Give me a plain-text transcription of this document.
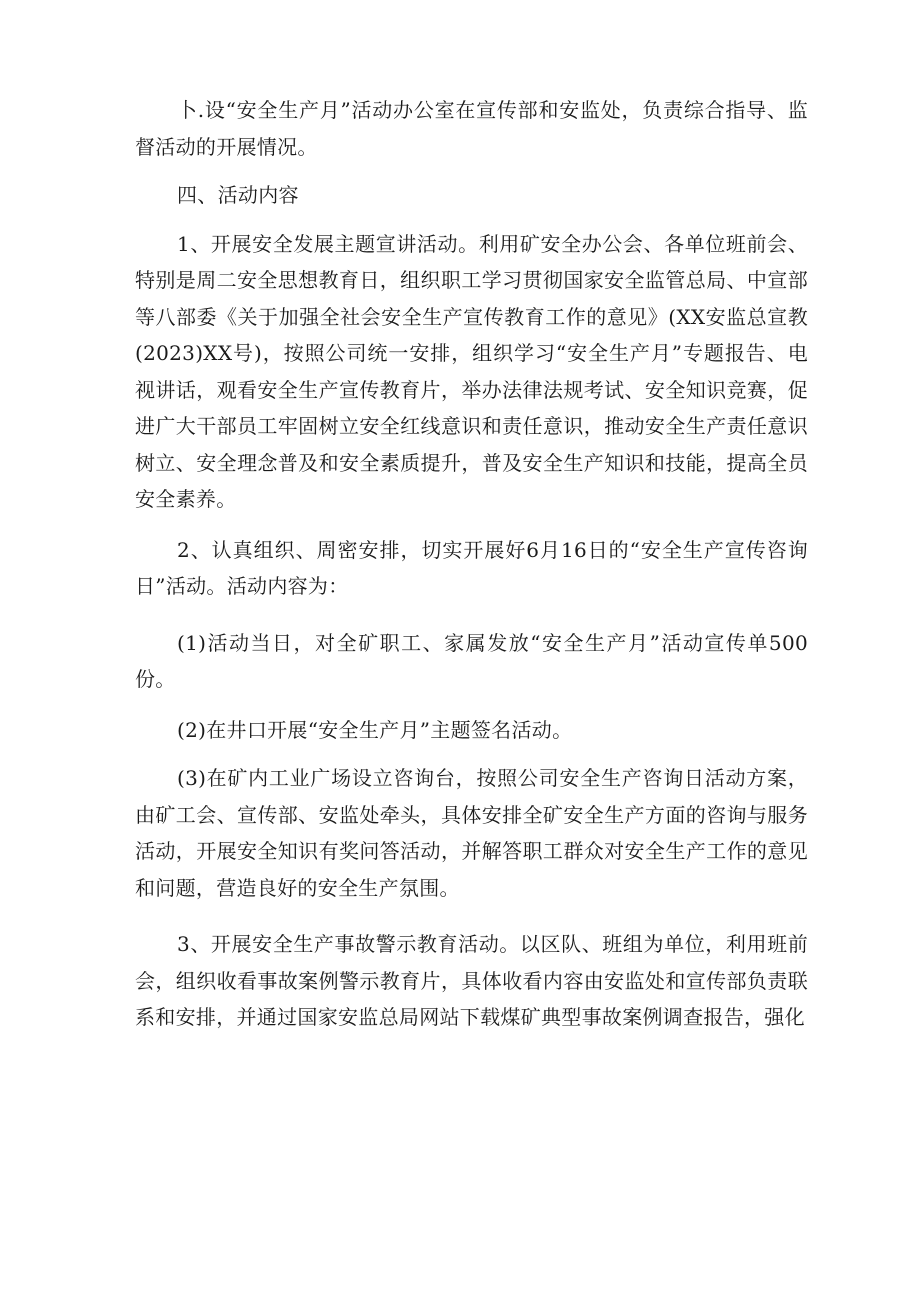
卜.设“安全生产月”活动办公室在宣传部和安监处，负责综合指导、监督活动的开展情况。

四、活动内容

1、开展安全发展主题宣讲活动。利用矿安全办公会、各单位班前会、特别是周二安全思想教育日，组织职工学习贯彻国家安全监管总局、中宣部等八部委《关于加强全社会安全生产宣传教育工作的意见》(XX安监总宣教(2023)XX号)，按照公司统一安排，组织学习“安全生产月”专题报告、电视讲话，观看安全生产宣传教育片，举办法律法规考试、安全知识竞赛，促进广大干部员工牢固树立安全红线意识和责任意识，推动安全生产责任意识树立、安全理念普及和安全素质提升，普及安全生产知识和技能，提高全员安全素养。

2、认真组织、周密安排，切实开展好6月16日的“安全生产宣传咨询日”活动。活动内容为：

(1)活动当日，对全矿职工、家属发放“安全生产月”活动宣传单500份。

(2)在井口开展“安全生产月”主题签名活动。

(3)在矿内工业广场设立咨询台，按照公司安全生产咨询日活动方案，由矿工会、宣传部、安监处牵头，具体安排全矿安全生产方面的咨询与服务活动，开展安全知识有奖问答活动，并解答职工群众对安全生产工作的意见和问题，营造良好的安全生产氛围。

3、开展安全生产事故警示教育活动。以区队、班组为单位，利用班前会，组织收看事故案例警示教育片，具体收看内容由安监处和宣传部负责联系和安排，并通过国家安监总局网站下载煤矿典型事故案例调查报告，强化
